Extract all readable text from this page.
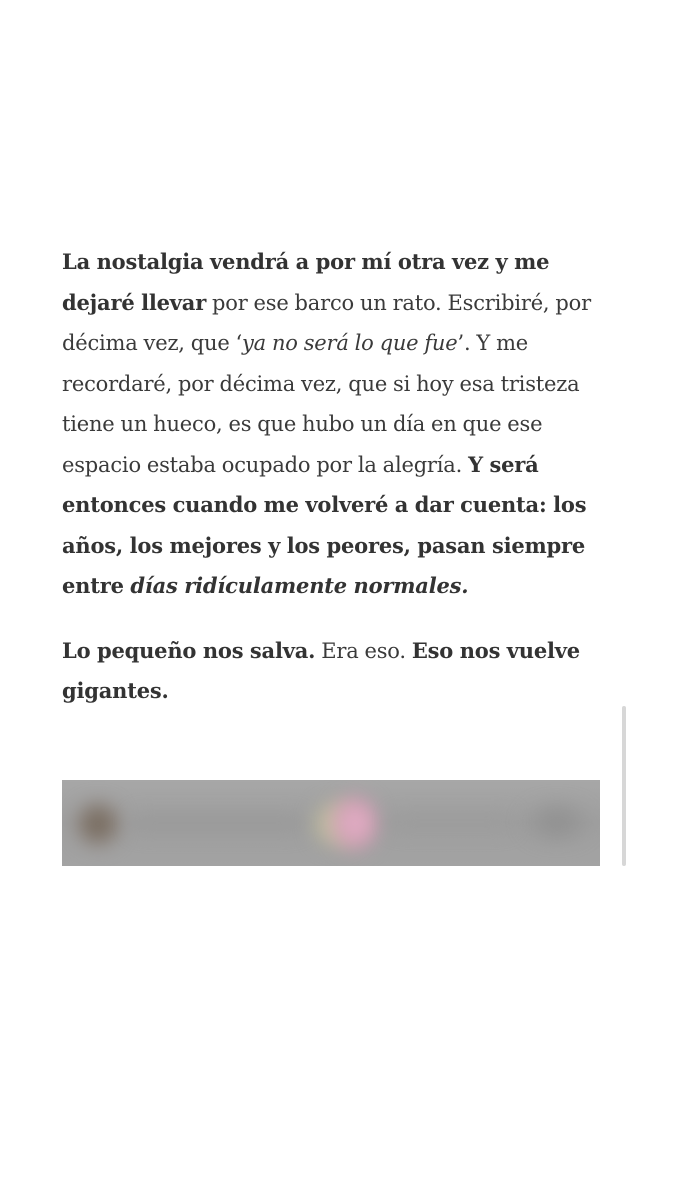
La nostalgia vendrá a por mí otra vez y me dejaré llevar por ese barco un rato. Escribiré, por décima vez, que ‘ya no será lo que fue’. Y me recordaré, por décima vez, que si hoy esa tristeza tiene un hueco, es que hubo un día en que ese espacio estaba ocupado por la alegría. Y será entonces cuando me volveré a dar cuenta: los años, los mejores y los peores, pasan siempre entre días ridículamente normales.

Lo pequeño nos salva. Era eso. Eso nos vuelve gigantes.
